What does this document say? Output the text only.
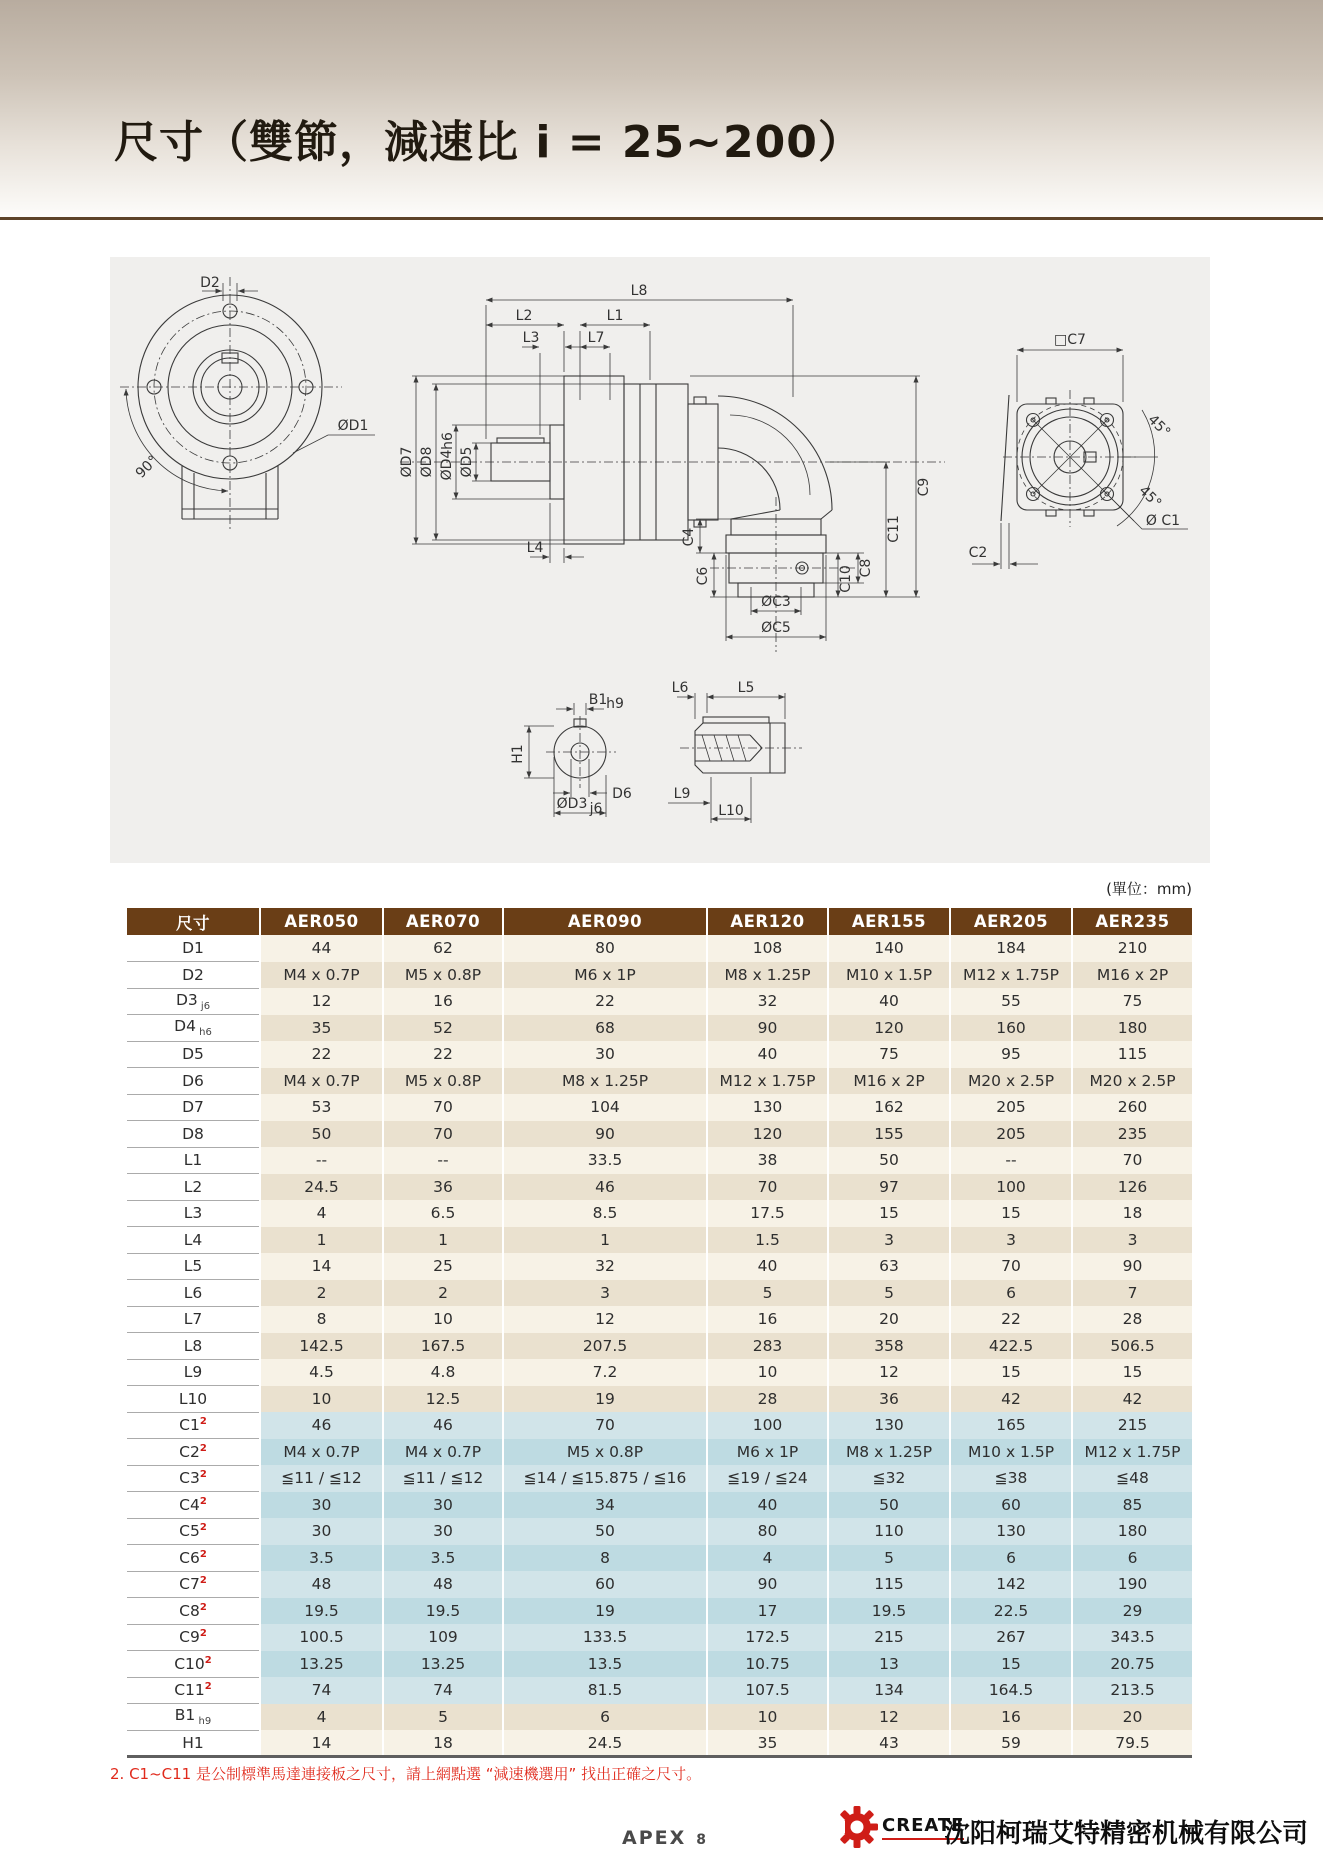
尺寸（雙節，減速比 i = 25~200）
D2
ØD1
90°
L8
L2	L1
L3	L7
ØD7 ØD8 ØD4
h6
ØD5
L4
C4
C6
ØC3
ØC5
C8
C10
C11
C9
□C7
45°
45°
Ø C1
C2
B1
h9
H1
D6
ØD3 j6
L6	L5
L9
L10
(單位：mm)
尺寸	AER050	AER070	AER090	AER120	AER155	AER205	AER235
D1	44	62	80	108	140	184	210
D2	M4 x 0.7P	M5 x 0.8P	M6 x 1P	M8 x 1.25P	M10 x 1.5P	M12 x 1.75P	M16 x 2P
D3 $_{j6}$	12	16	22	32	40	55	75
D4 $_{h6}$	35	52	68	90	120	160	180
D5	22	22	30	40	75	95	115
D6	M4 x 0.7P	M5 x 0.8P	M8 x 1.25P	M12 x 1.75P	M16 x 2P	M20 x 2.5P	M20 x 2.5P
D7	53	70	104	130	162	205	260
D8	50	70	90	120	155	205	235
L1	--	--	33.5	38	50	--	70
L2	24.5	36	46	70	97	100	126
L3	4	6.5	8.5	17.5	15	15	18
L4	1	1	1	1.5	3	3	3
L5	14	25	32	40	63	70	90
L6	2	2	3	5	5	6	7
L7	8	10	12	16	20	22	28
L8	142.5	167.5	207.5	283	358	422.5	506.5
L9	4.5	4.8	7.2	10	12	15	15
L10	10	12.5	19	28	36	42	42
$C1^2$	46	46	70	100	130	165	215
$C2^2$	M4 x 0.7P	M4 x 0.7P	M5 x 0.8P	M6 x 1P	M8 x 1.25P	M10 x 1.5P	M12 x 1.75P
$C3^2$	≦11 / ≦12	≦11 / ≦12	≦14 / ≦15.875 / ≦16	≦19 / ≦24	≦32	≦38	≦48
$C4^2$	30	30	34	40	50	60	85
$C5^2$	30	30	50	80	110	130	180
$C6^2$	3.5	3.5	8	4	5	6	6
$C7^2$	48	48	60	90	115	142	190
$C8^2$	19.5	19.5	19	17	19.5	22.5	29
$C9^2$	100.5	109	133.5	172.5	215	267	343.5
$C10^2$	13.25	13.25	13.5	10.75	13	15	20.75
$C11^2$	74	74	81.5	107.5	134	164.5	213.5
B1 $_{h9}$	4	5	6	10	12	16	20
H1	14	18	24.5	35	43	59	79.5
2. C1~C11 是公制標準馬達連接板之尺寸，請上網點選 “減速機選用” 找出正確之尺寸。
APEX 8
CREATE
沈阳柯瑞艾特精密机械有限公司
